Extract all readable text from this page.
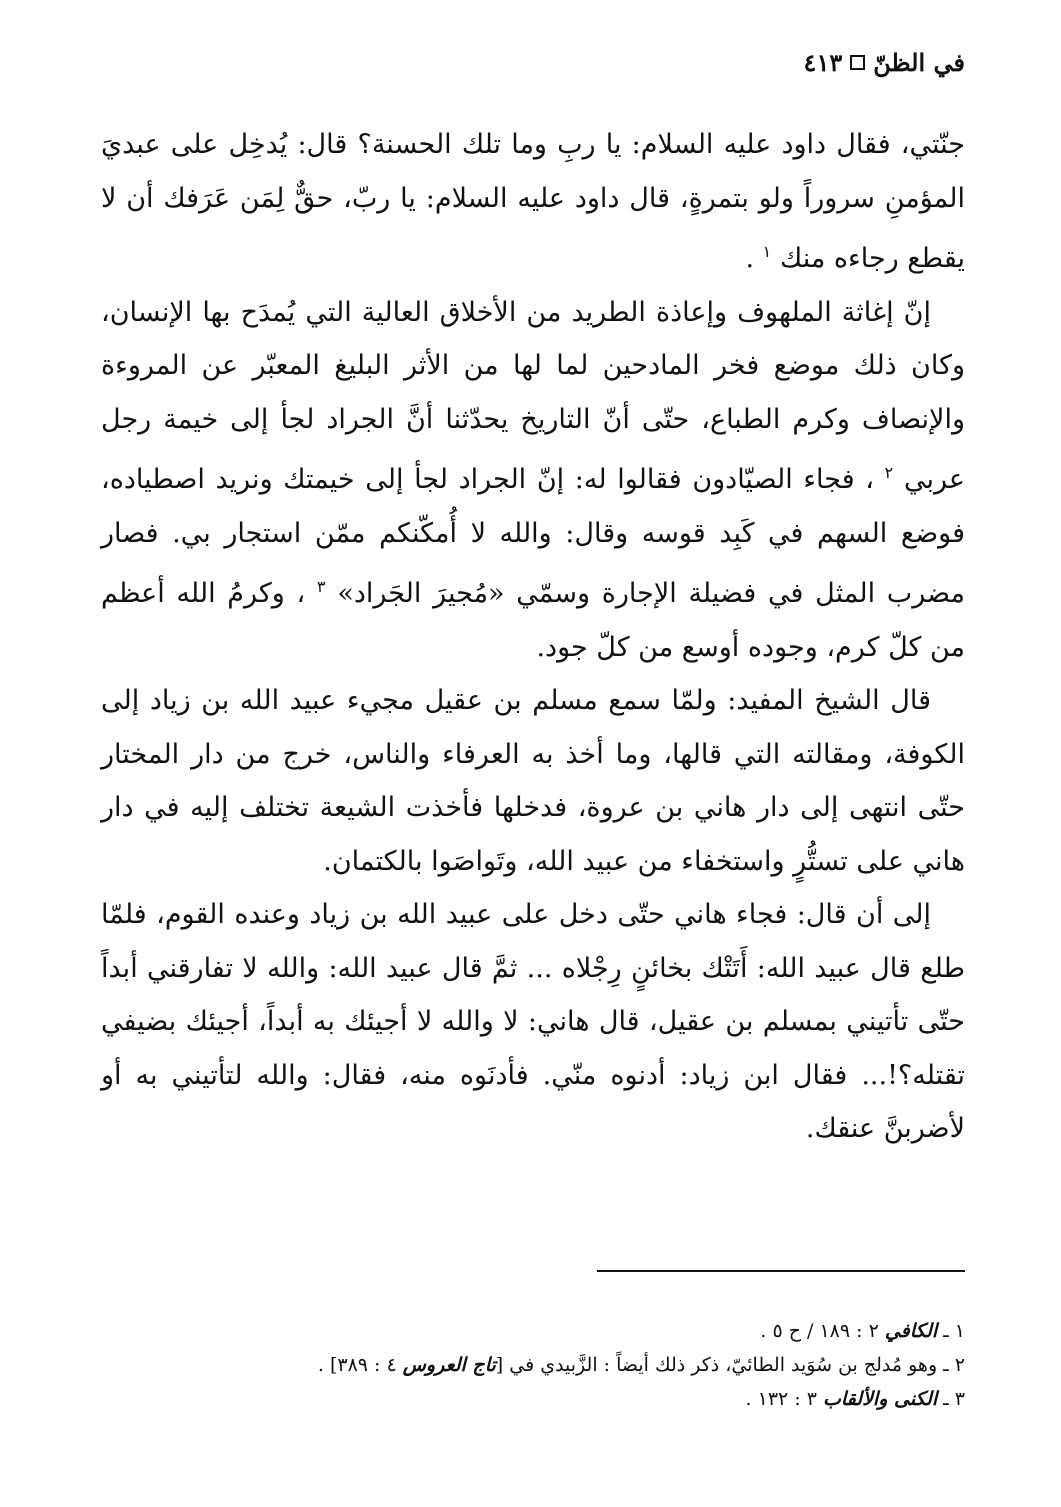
في الظنّ
٤١٣

جنّتي، فقال داود عليه السلام: يا ربِ وما تلك الحسنة؟ قال: يُدخِل على عبديَ المؤمنِ سروراً ولو بتمرةٍ، قال داود عليه السلام: يا ربّ، حقٌّ لِمَن عَرَفك أن لا يقطع رجاءه منك $^١$ .

إنّ إغاثة الملهوف وإعاذة الطريد من الأخلاق العالية التي يُمدَح بها الإنسان، وكان ذلك موضع فخر المادحين لما لها من الأثر البليغ المعبّر عن المروءة والإنصاف وكرم الطباع، حتّى أنّ التاريخ يحدّثنا أنَّ الجراد لجأ إلى خيمة رجل عربي $^٢$ ، فجاء الصيّادون فقالوا له: إنّ الجراد لجأ إلى خيمتك ونريد اصطياده، فوضع السهم في كَبِد قوسه وقال: والله لا أُمكّنكم ممّن استجار بي. فصار مضرب المثل في فضيلة الإجارة وسمّي «مُجيرَ الجَراد» $^٣$ ، وكرمُ الله أعظم من كلّ كرم، وجوده أوسع من كلّ جود.

قال الشيخ المفيد: ولمّا سمع مسلم بن عقيل مجيء عبيد الله بن زياد إلى الكوفة، ومقالته التي قالها، وما أخذ به العرفاء والناس، خرج من دار المختار حتّى انتهى إلى دار هاني بن عروة، فدخلها فأخذت الشيعة تختلف إليه في دار هاني على تستُّرٍ واستخفاء من عبيد الله، وتَواصَوا بالكتمان.

إلى أن قال: فجاء هاني حتّى دخل على عبيد الله بن زياد وعنده القوم، فلمّا طلع قال عبيد الله: أَتَتْك بخائنٍ رِجْلاه ... ثمَّ قال عبيد الله: والله لا تفارقني أبداً حتّى تأتيني بمسلم بن عقيل، قال هاني: لا والله لا أجيئك به أبداً، أجيئك بضيفي تقتله؟!... فقال ابن زياد: أدنوه منّي. فأدنَوه منه، فقال: والله لتأتيني به أو لأضربنَّ عنقك.

١ ـ الكافي ٢ : ١٨٩ / ح ٥ .

٢ ـ وهو مُدلج بن سُوَيد الطائيّ، ذكر ذلك أيضاً : الزَّبيدي في [تاج العروس ٤ : ٣٨٩] .

٣ ـ الكنى والألقاب ٣ : ١٣٢ .
